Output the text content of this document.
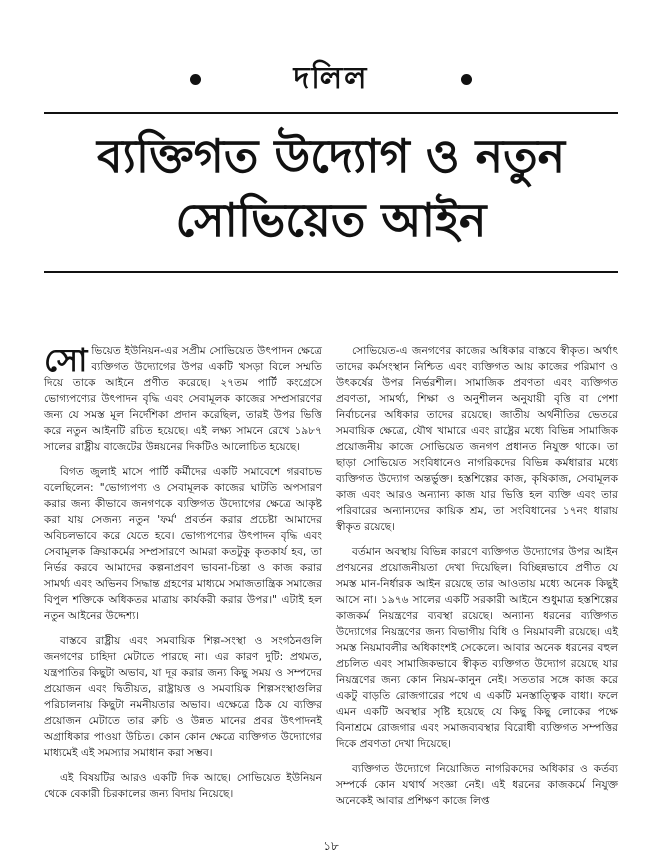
দলিল
ব্যক্তিগত উদ্যোগ ও নতুন
সোভিয়েত আইন

সোভিয়েত ইউনিয়ন-এর সপ্রীম সোভিয়েত উৎপাদন ক্ষেত্রে ব্যক্তিগত উদ্যোগের উপর একটি খসড়া বিলে সম্মতি দিয়ে তাকে আইনে প্রণীত করেছে। ২৭তম পার্টি কংগ্রেসে ভোগ্যপণ্যের উৎপাদন বৃদ্ধি এবং সেবামূলক কাজের সম্প্রসারণের জন্য যে সমস্ত মূল নির্দেশিকা প্রদান করেছিল, তারই উপর ভিত্তি করে নতুন আইনটি রচিত হয়েছে। এই লক্ষ্য সামনে রেখে ১৯৮৭ সালের রাষ্ট্রীয় বাজেটের উন্নয়নের দিকটিও আলোচিত হয়েছে।

বিগত জুলাই মাসে পার্টি কর্মীদের একটি সমাবেশে গরবাচভ বলেছিলেন: "ভোগ্যপণ্য ও সেবামূলক কাজের ঘাটতি অপসারণ করার জন্য কীভাবে জনগণকে ব্যক্তিগত উদ্যোগের ক্ষেত্রে আকৃষ্ট করা যায় সেজন্য নতুন 'ফর্ম' প্রবর্তন করার প্রচেষ্টা আমাদের অবিচলভাবে করে যেতে হবে। ভোগ্যপণ্যের উৎপাদন বৃদ্ধি এবং সেবামূলক ক্রিয়াকর্মের সম্প্রসারণে আমরা কতটুকু কৃতকার্য হব, তা নির্ভর করবে আমাদের কল্পনাপ্রবণ ভাবনা-চিন্তা ও কাজ করার সামর্থ্য এবং অভিনব সিদ্ধান্ত গ্রহণের মাধ্যমে সমাজতান্ত্রিক সমাজের বিপুল শক্তিকে অধিকতর মাত্রায় কার্যকরী করার উপর।" এটাই হল নতুন আইনের উদ্দেশ্য।

বাস্তবে রাষ্ট্রীয় এবং সমবায়িক শিল্প-সংস্থা ও সংগঠনগুলি জনগণের চাহিদা মেটাতে পারছে না। এর কারণ দুটি: প্রথমত, যন্ত্রপাতির কিছুটা অভাব, যা দূর করার জন্য কিছু সময় ও সম্পদের প্রয়োজন এবং দ্বিতীয়ত, রাষ্ট্রায়ত্ত ও সমবায়িক শিল্পসংস্থাগুলির পরিচালনায় কিছুটা নমনীয়তার অভাব। এক্ষেত্রে ঠিক যে ব্যক্তির প্রয়োজন মেটাতে তার রুচি ও উন্নত মানের প্রবর উৎপাদনই অগ্রাধিকার পাওয়া উচিত। কোন কোন ক্ষেত্রে ব্যক্তিগত উদ্যোগের মাধ্যমেই এই সমস্যার সমাধান করা সম্ভব।

এই বিষয়টির আরও একটি দিক আছে। সোভিয়েত ইউনিয়ন থেকে বেকারী চিরকালের জন্য বিদায় নিয়েছে।

সোভিয়েত-এ জনগণের কাজের অধিকার বাস্তবে স্বীকৃত। অর্থাৎ তাদের কর্মসংস্থান নিশ্চিত এবং ব্যক্তিগত আয় কাজের পরিমাণ ও উৎকর্ষের উপর নির্ভরশীল। সামাজিক প্রবণতা এবং ব্যক্তিগত প্রবণতা, সামর্থ্য, শিক্ষা ও অনুশীলন অনুযায়ী বৃত্তি বা পেশা নির্বাচনের অধিকার তাদের রয়েছে। জাতীয় অর্থনীতির ভেতরে সমবায়িক ক্ষেত্রে, যৌথ খামারে এবং রাষ্ট্রের মধ্যে বিভিন্ন সামাজিক প্রয়োজনীয় কাজে সোভিয়েত জনগণ প্রধানত নিযুক্ত থাকে। তা ছাড়া সোভিয়েত সংবিধানেও নাগরিকদের বিভিন্ন কর্মধারার মধ্যে ব্যক্তিগত উদ্যোগ অন্তর্ভুক্ত। হস্তশিল্পের কাজ, কৃষিকাজ, সেবামূলক কাজ এবং আরও অন্যান্য কাজ যার ভিত্তি হল ব্যক্তি এবং তার পরিবারের অন্যান্যদের কায়িক শ্রম, তা সংবিধানের ১৭নং ধারায় স্বীকৃত রয়েছে।

বর্তমান অবস্থায় বিভিন্ন কারণে ব্যক্তিগত উদ্যোগের উপর আইন প্রণয়নের প্রয়োজনীয়তা দেখা দিয়েছিল। বিচ্ছিন্নভাবে প্রণীত যে সমস্ত মান-নির্ধারক আইন রয়েছে তার আওতায় মধ্যে অনেক কিছুই আসে না। ১৯৭৬ সালের একটি সরকারী আইনে শুধুমাত্র হস্তশিল্পের কাজকর্ম নিয়ন্ত্রণের ব্যবস্থা রয়েছে। অন্যান্য ধরনের ব্যক্তিগত উদ্যোগের নিয়ন্ত্রণের জন্য বিভাগীয় বিধি ও নিয়মাবলী রয়েছে। এই সমস্ত নিয়মাবলীর অধিকাংশই সেকেলে। আবার অনেক ধরনের বহুল প্রচলিত এবং সামাজিকভাবে স্বীকৃত ব্যক্তিগত উদ্যোগ রয়েছে যার নিয়ন্ত্রণের জন্য কোন নিয়ম-কানুন নেই। সততার সঙ্গে কাজ করে একটু বাড়তি রোজগারের পথে এ একটি মনস্তাত্ত্বিক বাধা। ফলে এমন একটি অবস্থার সৃষ্টি হয়েছে যে কিছু কিছু লোকের পক্ষে বিনাশ্রমে রোজগার এবং সমাজব্যবস্থার বিরোধী ব্যক্তিগত সম্পত্তির দিকে প্রবণতা দেখা দিয়েছে।

ব্যক্তিগত উদ্যোগে নিয়োজিত নাগরিকদের অধিকার ও কর্তব্য সম্পর্কে কোন যথার্থ সংজ্ঞা নেই। এই ধরনের কাজকর্মে নিযুক্ত অনেকেই আবার প্রশিক্ষণ কাজে লিপ্ত

১৮
